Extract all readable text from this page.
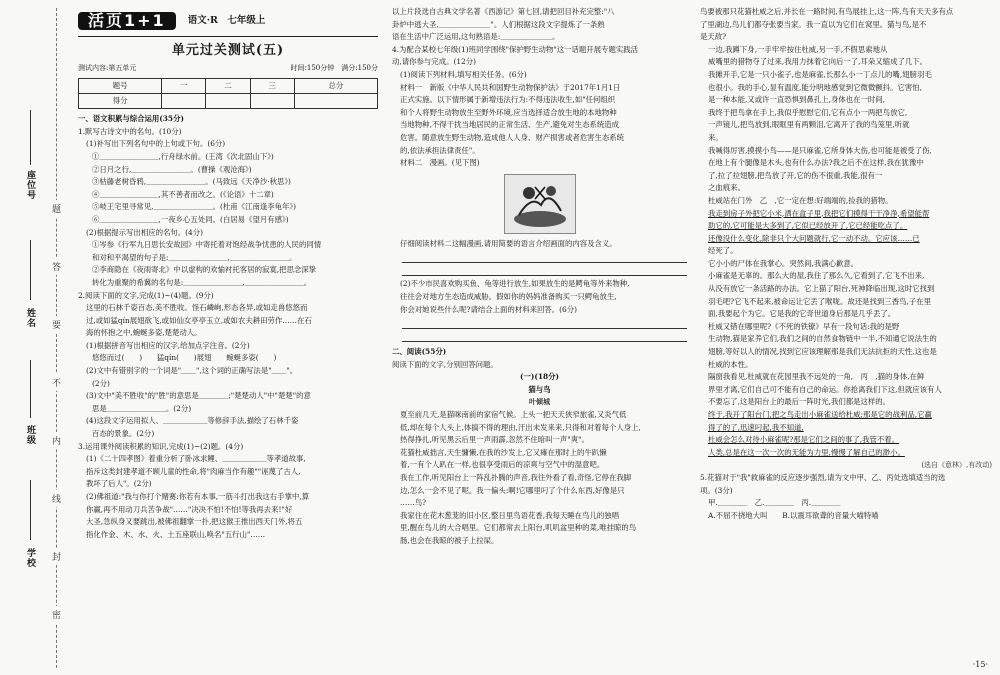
座位号
姓名
班级
学校
题
答
要
不
内
线
封
密
活页1+1	语文·R　七年级上
单元过关测试(五)
测试内容:第五单元	时间:150分钟　满分:150分
题号	一	二	三	总分
得分				
一、语文积累与综合运用(35分)
1.默写古诗文中的名句。(10分)
(1)补写出下列名句中的上句或下句。(6分)
①＿＿＿＿＿＿＿＿,行舟绿水前。(王湾《次北固山下》)
②日月之行,＿＿＿＿＿＿＿＿。(曹操《观沧海》)
③枯藤老树昏鸦,＿＿＿＿＿＿＿＿。(马致远《天净沙·秋思》)
④＿＿＿＿＿＿＿＿,其不善者而改之。(《论语》十二章)
⑤岐王宅里寻常见,＿＿＿＿＿＿＿＿。(杜甫《江南逢李龟年》)
⑥＿＿＿＿＿＿＿＿,一夜乡心五处同。(白居易《望月有感》)
(2)根据提示写出相应的名句。(4分)
①岑参《行军九日思长安故园》中寄托着对饱经战争忧患的人民的同情
和对和平渴望的句子是:＿＿＿＿＿＿＿＿,＿＿＿＿＿＿＿＿。
②李商隐在《夜雨寄北》中以虚构的欢愉衬托客居的寂寞,把思念深挚
转化为重聚的希冀的名句是:＿＿＿＿＿＿＿＿,＿＿＿＿＿＿＿＿。
2.阅读下面的文字,完成(1)~(4)题。(9分)
这里的石林千姿百态,美不胜收。怪石嶙峋,形态各异,或如走兽悠悠而
过,或如猛qín展翅欲飞,或如仙女亭亭玉立,或如农夫耕田劳作……在石
海的怀抱之中,蜿蜒多姿,楚楚动人。
(1)根据拼音写出相应的汉字,给加点字注音。(2分)
悠悠而过(　　)　　猛qín(　　)展翅　　蜿蜒多姿(　　)
(2)文中有错别字的一个词是"＿＿",这个词的正确写法是"＿＿"。
(2分)
(3)文中"美不胜收"的"胜"的意思是＿＿＿＿;"楚楚动人"中"楚楚"的意
思是＿＿＿＿＿＿＿＿。(2分)
(4)这段文字运用拟人、＿＿＿＿＿＿等修辞手法,描绘了石林千姿
百态的景象。(2分)
3.运用课外阅读积累的知识,完成(1)~(2)题。(4分)
(1)《二十四孝图》着重分析了卧冰求鲤、＿＿＿＿＿＿等孝道故事,
指斥这类封建孝道不顾儿童的性命,将"肉麻当作有趣""诬蔑了古人,
教坏了后人"。(2分)
(2)佛祖道:"我与你打个赌赛:你若有本事,一筋斗打出我这右手掌中,算
你赢,再不用动刀兵苦争战"……"决决不怕!不怕!等我再去来!"好
大圣,急纵身又要跳出,被佛祖翻掌一扑,把这猴王推出西天门外,将五
指化作金、木、水、火、土五座联山,唤名"五行山"……
以上片段选自古典文学名著《西游记》第七回,请把回目补充完整:"八
卦炉中逃大圣,＿＿＿＿＿＿＿"。人们根据这段文字提炼了一条熟
语在生活中广泛运用,这句熟语是:＿＿＿＿＿＿＿。
4.为配合某校七年级(1)班同学围绕"保护野生动物"这一话题开展专题实践活
动,请你参与完成。(12分)
(1)阅读下列材料,填写相关任务。(6分)
材料一　新版《中华人民共和国野生动物保护法》于2017年1月1日
正式实施。以下情形属于新增违法行为:不得违法收生,如"任何组织
和个人将野生动物放生至野外环境,应当选择适合放生地的本地物种
当地物种,不得干扰当地居民的正常生活、生产,避免对生态系统造成
危害。随意放生野生动物,造成他人人身、财产损害或者危害生态系统
的,依法承担法律责任"。
材料二　漫画。(见下图)
仔细阅读材料二这幅漫画,请用简要的语言介绍画面的内容及含义。
(2)不少市民喜欢购买鱼、龟等进行放生,如果放生的是鳄龟等外来物种,
往往会对地方生态造成威胁。假如你的妈妈准备购买一只鳄龟放生,
你会对她说些什么呢?请结合上面的材料来回答。(6分)
二、阅读(55分)
阅读下面的文字,分别回答问题。
(一)(18分)
猫与鸟
叶倾城
夏至前几天,是猫咪南前的家宿气候。上头一把天天狭窄旅雀,又炎气低
低,却在每个人头上,体搞不得的理由,汗出未发来来,只得和对着每个人身上,
热得挣扎,听见黑云后里一声雨霹,忽然不住暗叫一声"爽"。
花猫杜威拙言,天生慵懒,在我的沙发上,它又瘫在那时上的牛趴懒
着,一有个人趴在一样,也很享受雨后的凉爽与空气中的湿意吧。
我在工作,听见阳台上一阵乱扑腾的声音,我往外看了看,奇怪,它停在我脚
边,怎么一会不见了呢。我一偏头:啊!它哪里叼了个什么东西,好像是只
……鸟?
我家住在花木葱茏的旧小区,整日里鸟语花香,我每天睡在鸟儿的独唱
里,醒在鸟儿的大合唱里。它们都常去上阳台,叽叽盆里种的菜,唯挂晾的鸟
肠,也会在我晾的被子上拉屎。
鸟要被那只花猫杜威之后,并长在一路时间,有鸟展挂上,这一阵,鸟有天天多有点
了里湖边,鸟儿们都夺张要当家。我一直以为它们在窝里。猫与鸟,是不
是天敌?
一边,我蹲下身,一手牢牢按住杜威,另一手,不假思索地从
威嘴里的猎物夺了过来,我用力抹着它向后一了,耳朵又缩成了几下。
我摊开手,它是一只小雀子,也是麻雀,长那么小一丁点儿的嘴,翅膀羽毛
也很小。我的手心,显有温度,能分明地感觉到它微微颤抖。它害怕,
是一种本能,又或许一直恐惧到鼻孔上,身体也在一时间,
我终于把鸟拿在手上,我似乎慰慰它们,它有点小一两把鸟放它,
一声镜儿,把鸟放到,眼眶里有两颗泪,它离开了我的鸟笼里,听就
来。
我喊得厉害,摸摸小鸟——是只麻雀,它所身体大伤,也可能是被受了伤,
在地上有个腿像是木头,也有什么办法?我之后不在这样,我在犹豫中
了,拉了拉翅膀,把鸟放了开,它的伤不很重,我能,很有一
之血痕来。
杜威站在门外　乙　,它一定在想:好端端的,捡我的猎物。
我走到房子外把它小米,洒在盒子里,我把它们摸得干干净净,希望能帮
助它的,它可能是大多到了,它似已经放开了,它已经能吃点了。
还像没什么变化,除非只个大问题就行,它一动不动。它应该……已
经死了。
它小小的尸体在我掌心。突然间,我满心歉意。
小麻雀是无辜的。那么大的屋,我住了那么久,它看到了,它飞不出来,
从没有放它一条活路的办法。它上猫了阳台,死神降临出现,这时它找到
羽毛吧?它飞不起来,被命运让它丢了喉咙。故还是找到三香鸟,子在里
面,我要起个为它。它是我的它奇世道身后那是几乎丢了。
杜威又错在哪里呢?《不死的铁镣》早有一段句话:我的是野
生动物,猫是家养它们,我们之间的自然食物链中一半,不知通它说法生的
翅膀,等好以人的情况,找到它应该理解那是我们无法抗拒的天性,这也是
杜威的本性。
隔窗我看见,杜威就在花园里我不远处的一角,　丙　,猫的身体,在鲜
界里才离,它们自己可不能有自己的命运。你抢离我们下这,但就应该有人
不要忘了,这是阳台上的最后一阵时光,我们都是这样的。
终于,我开了阳台门,把之鸟走出小麻雀送给杜威;那是它的战利品,它赢
得了的了,迅速叼起,我不知道,
杜威会怎么对待小麻雀呢?那是它们之间的事了,我管不着。
人类,总是在这一次一次的无能为力里,慢慢了解自己的渺小。
(选自《意林》,有改动)
5.花猫对于"我"救麻雀的反应逐步强烈,请为文中甲、乙、丙处选填适当的选
项。(3分)
甲.＿＿＿＿　乙.＿＿＿＿　丙.＿＿＿＿
A.不屈不挠地大叫　　B.以震耳欲聋的音量大喵特喵
·15·
